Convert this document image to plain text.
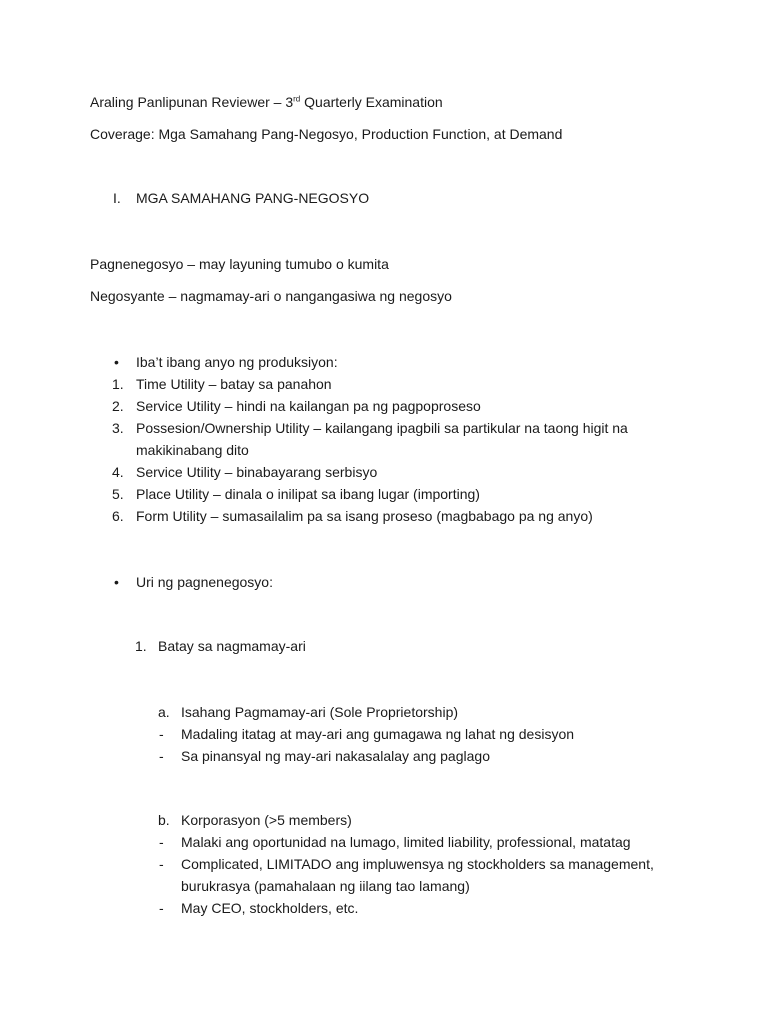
Araling Panlipunan Reviewer – 3rd Quarterly Examination
Coverage: Mga Samahang Pang-Negosyo, Production Function, at Demand
I. MGA SAMAHANG PANG-NEGOSYO
Pagnenegosyo – may layuning tumubo o kumita
Negosyante – nagmamay-ari o nangangasiwa ng negosyo
• Iba’t ibang anyo ng produksiyon:
1. Time Utility – batay sa panahon
2. Service Utility – hindi na kailangan pa ng pagpoproseso
3. Possesion/Ownership Utility – kailangang ipagbili sa partikular na taong higit na
makikinabang dito
4. Service Utility – binabayarang serbisyo
5. Place Utility – dinala o inilipat sa ibang lugar (importing)
6. Form Utility – sumasailalim pa sa isang proseso (magbabago pa ng anyo)
• Uri ng pagnenegosyo:
1. Batay sa nagmamay-ari
a. Isahang Pagmamay-ari (Sole Proprietorship)
- Madaling itatag at may-ari ang gumagawa ng lahat ng desisyon
- Sa pinansyal ng may-ari nakasalalay ang paglago
b. Korporasyon (>5 members)
- Malaki ang oportunidad na lumago, limited liability, professional, matatag
- Complicated, LIMITADO ang impluwensya ng stockholders sa management,
burukrasya (pamahalaan ng iilang tao lamang)
- May CEO, stockholders, etc.
